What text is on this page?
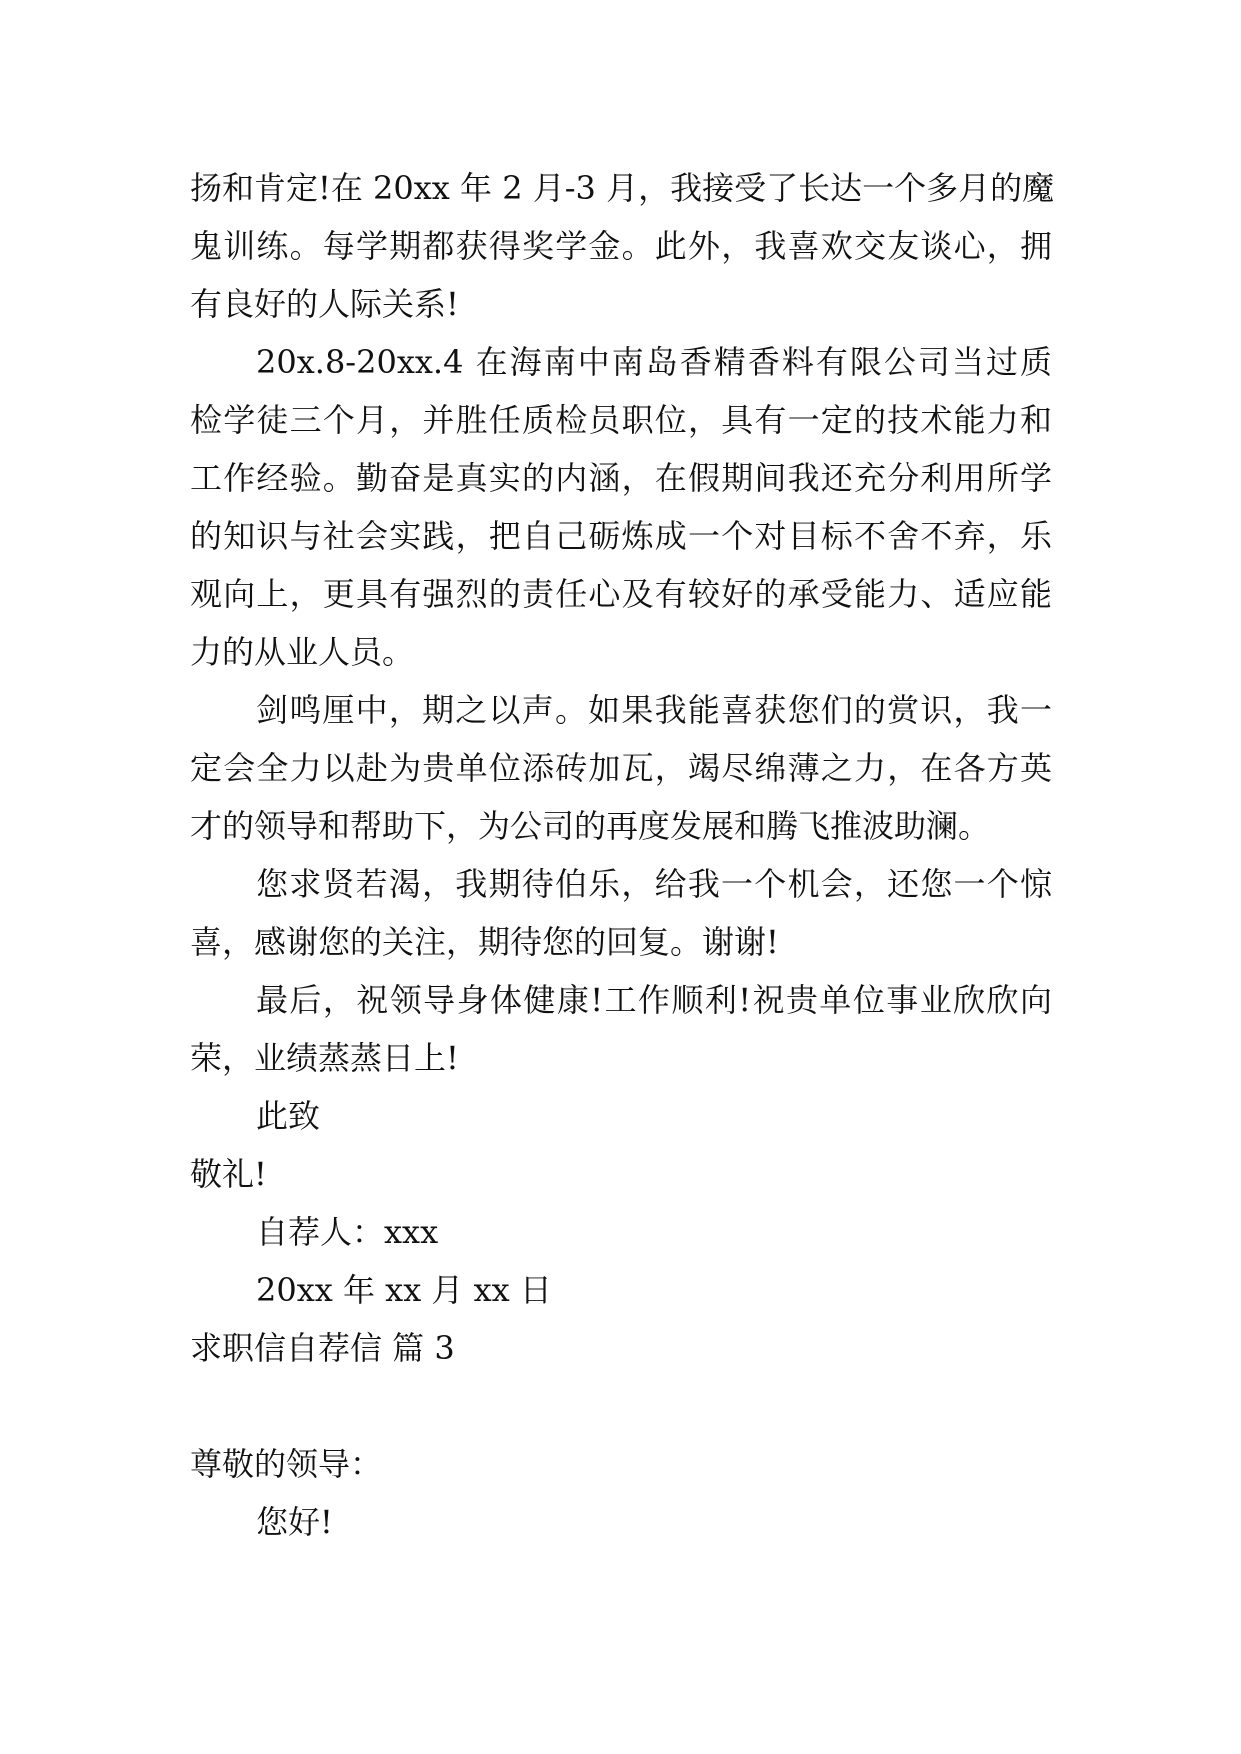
扬和肯定!在 20xx 年 2 月-3 月，我接受了长达一个多月的魔

鬼训练。每学期都获得奖学金。此外，我喜欢交友谈心，拥

有良好的人际关系!

20x.8-20xx.4 在海南中南岛香精香料有限公司当过质

检学徒三个月，并胜任质检员职位，具有一定的技术能力和

工作经验。勤奋是真实的内涵，在假期间我还充分利用所学

的知识与社会实践，把自己砺炼成一个对目标不舍不弃，乐

观向上，更具有强烈的责任心及有较好的承受能力、适应能

力的从业人员。

剑鸣厘中，期之以声。如果我能喜获您们的赏识，我一

定会全力以赴为贵单位添砖加瓦，竭尽绵薄之力，在各方英

才的领导和帮助下，为公司的再度发展和腾飞推波助澜。

您求贤若渴，我期待伯乐，给我一个机会，还您一个惊

喜，感谢您的关注，期待您的回复。谢谢!

最后，祝领导身体健康!工作顺利!祝贵单位事业欣欣向

荣，业绩蒸蒸日上!

此致

敬礼!

自荐人：xxx

20xx 年 xx 月 xx 日

求职信自荐信 篇 3

尊敬的领导：

您好!
